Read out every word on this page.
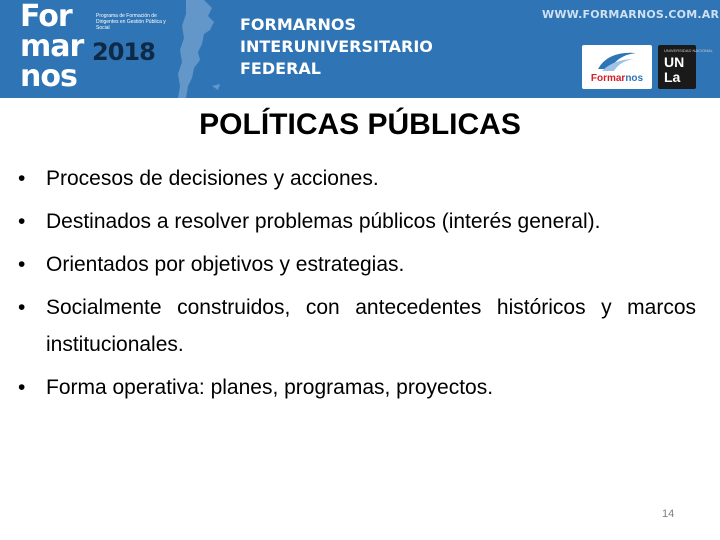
For
mar
nos
Programa de Formación de Dirigentes en Gestión Pública y Social
2018
FORMARNOS
INTERUNIVERSITARIO
FEDERAL
WWW.FORMARNOS.COM.AR
Formarnos
UNIVERSIDAD NACIONAL
UN
La
POLÍTICAS PÚBLICAS
• Procesos de decisiones y acciones.
• Destinados a resolver problemas públicos (interés general).
• Orientados por objetivos y estrategias.
• Socialmente construidos, con antecedentes históricos y marcos institucionales.
• Forma operativa: planes, programas, proyectos.
14
